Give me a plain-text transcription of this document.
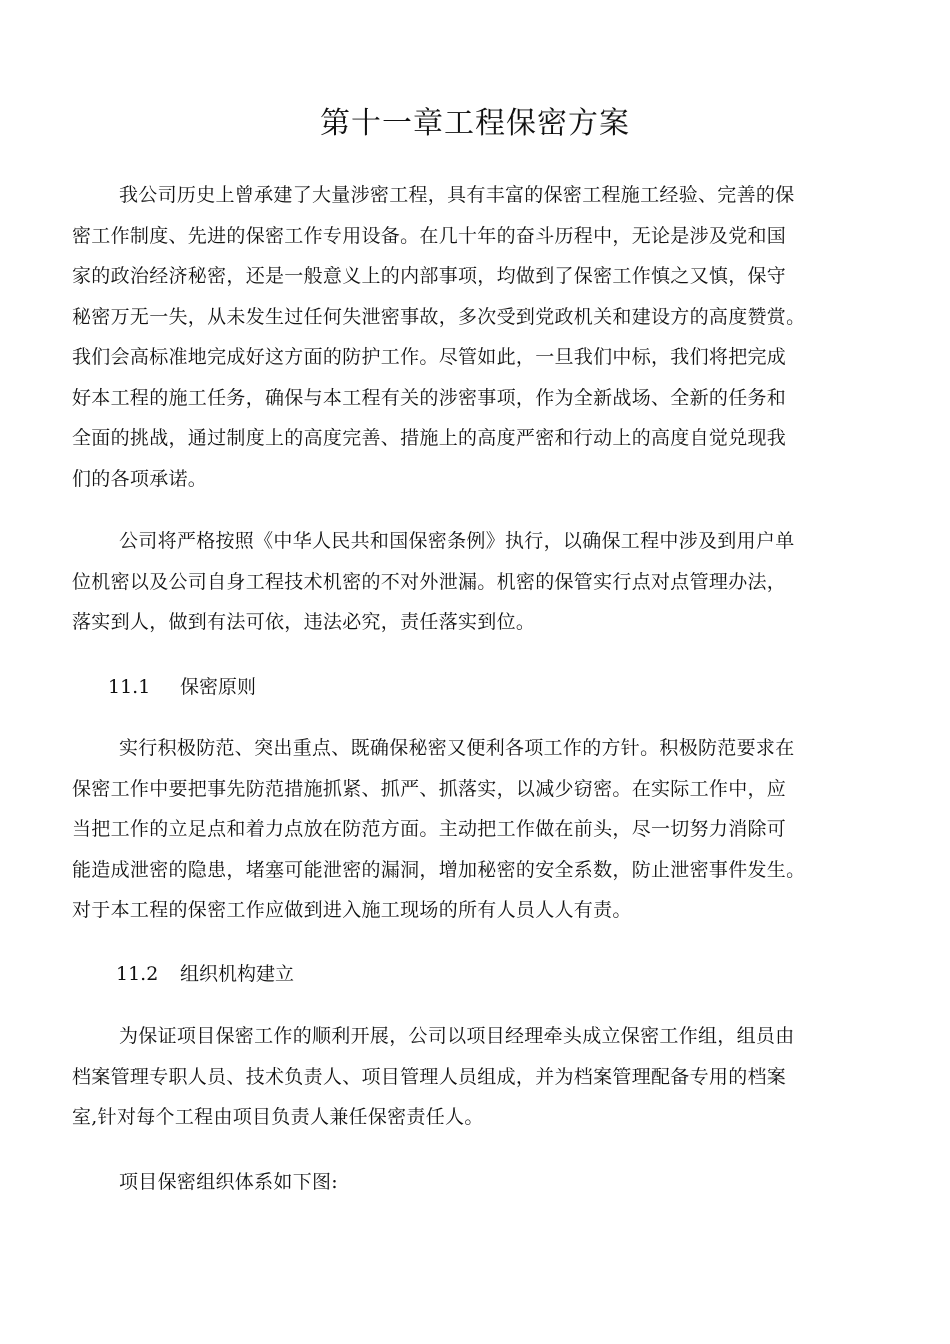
第十一章工程保密方案
我公司历史上曾承建了大量涉密工程，具有丰富的保密工程施工经验、完善的保
密工作制度、先进的保密工作专用设备。在几十年的奋斗历程中，无论是涉及党和国
家的政治经济秘密，还是一般意义上的内部事项，均做到了保密工作慎之又慎，保守
秘密万无一失，从未发生过任何失泄密事故，多次受到党政机关和建设方的高度赞赏。
我们会高标准地完成好这方面的防护工作。尽管如此，一旦我们中标，我们将把完成
好本工程的施工任务，确保与本工程有关的涉密事项，作为全新战场、全新的任务和
全面的挑战，通过制度上的高度完善、措施上的高度严密和行动上的高度自觉兑现我
们的各项承诺。
公司将严格按照《中华人民共和国保密条例》执行，以确保工程中涉及到用户单
位机密以及公司自身工程技术机密的不对外泄漏。机密的保管实行点对点管理办法，
落实到人，做到有法可依，违法必究，责任落实到位。
11.1 保密原则
实行积极防范、突出重点、既确保秘密又便利各项工作的方针。积极防范要求在
保密工作中要把事先防范措施抓紧、抓严、抓落实，以减少窃密。在实际工作中，应
当把工作的立足点和着力点放在防范方面。主动把工作做在前头，尽一切努力消除可
能造成泄密的隐患，堵塞可能泄密的漏洞，增加秘密的安全系数，防止泄密事件发生。
对于本工程的保密工作应做到进入施工现场的所有人员人人有责。
11.2 组织机构建立
为保证项目保密工作的顺利开展，公司以项目经理牵头成立保密工作组，组员由
档案管理专职人员、技术负责人、项目管理人员组成，并为档案管理配备专用的档案
室,针对每个工程由项目负责人兼任保密责任人。
项目保密组织体系如下图:
